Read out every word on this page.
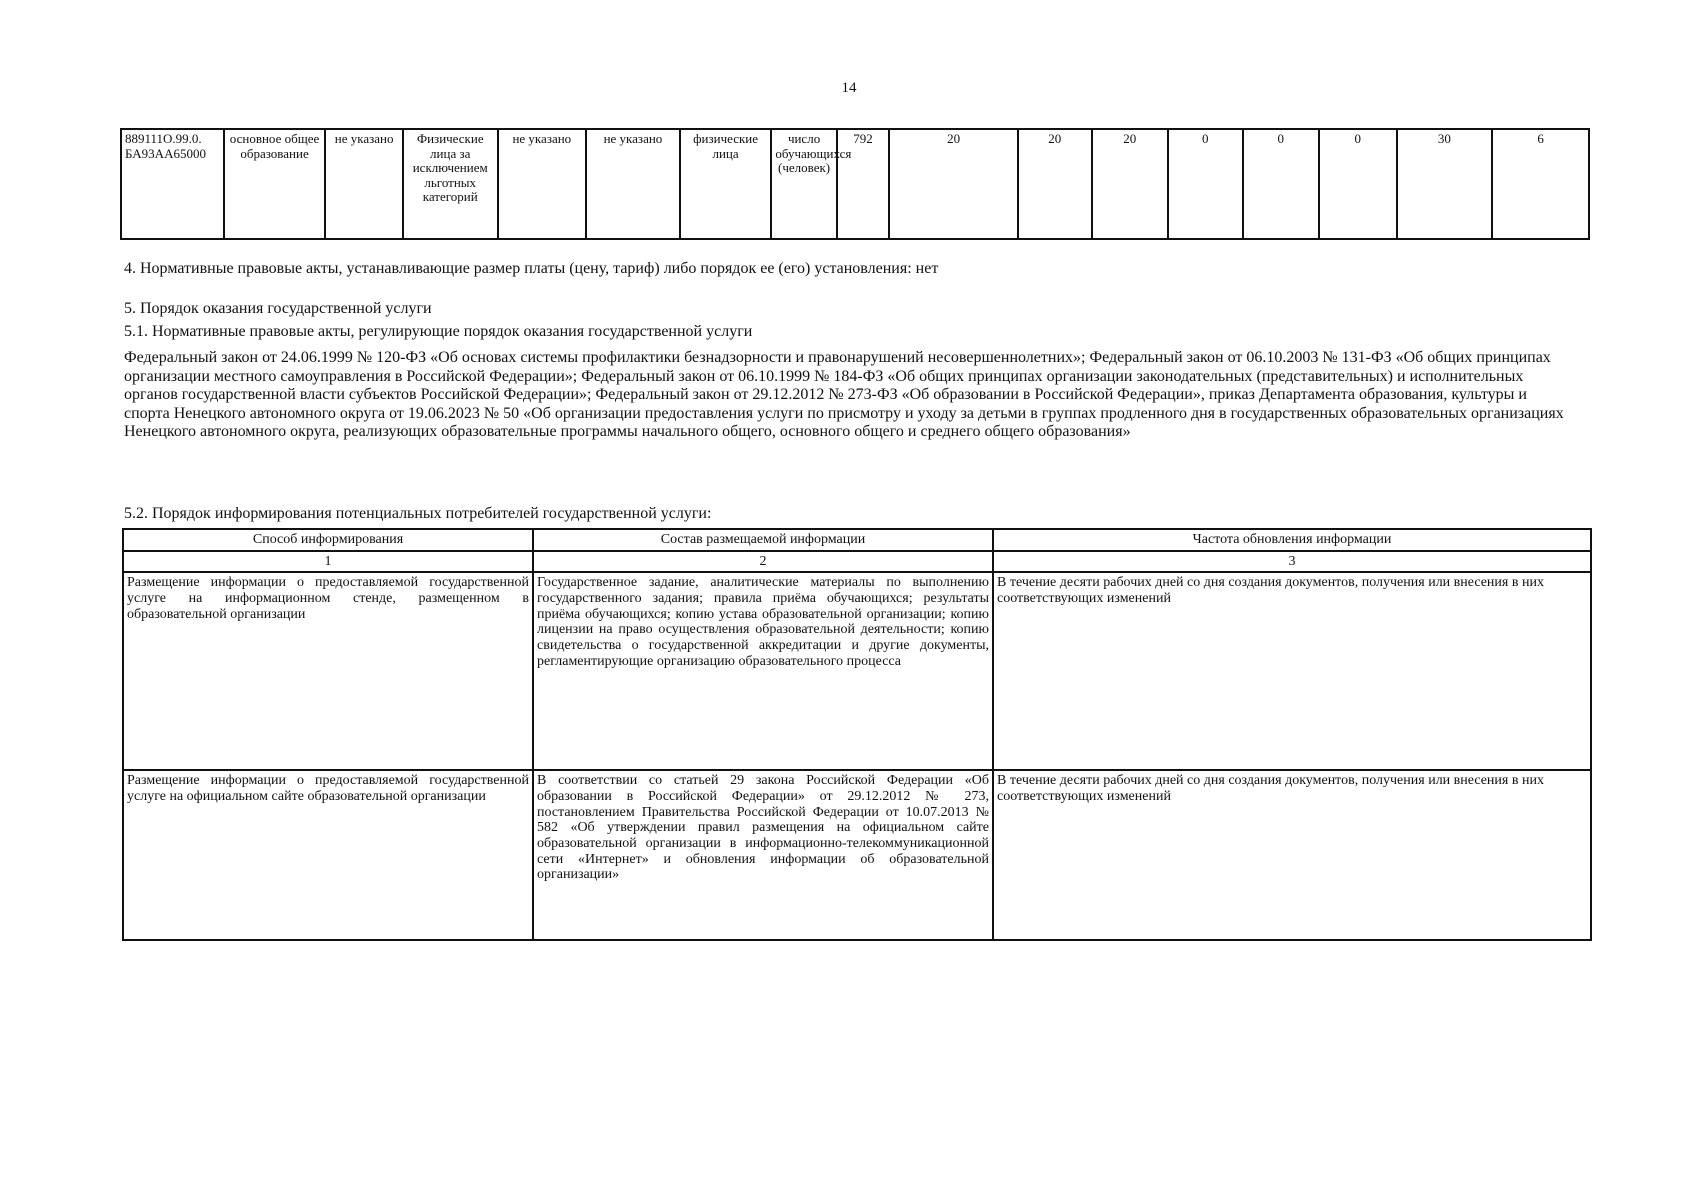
14
889111О.99.0.
БА93АА65000	основное общее образование	не указано	Физические лица за исключением льготных категорий	не указано	не указано	физические лица	число обучающихся (человек)	792	20	20	20	0	0	0	30	6
4. Нормативные правовые акты, устанавливающие размер платы (цену, тариф) либо порядок ее (его) установления: нет
5. Порядок оказания государственной услуги
5.1. Нормативные правовые акты, регулирующие порядок оказания государственной услуги

Федеральный закон от 24.06.1999 № 120-ФЗ «Об основах системы профилактики безнадзорности и правонарушений несовершеннолетних»; Федеральный закон от 06.10.2003 № 131-ФЗ «Об общих принципах организации местного самоуправления в Российской Федерации»; Федеральный закон от 06.10.1999 № 184-ФЗ «Об общих принципах организации законодательных (представительных) и исполнительных органов государственной власти субъектов Российской Федерации»; Федеральный закон от 29.12.2012 № 273-ФЗ «Об образовании в Российской Федерации», приказ Департамента образования, культуры и спорта Ненецкого автономного округа от 19.06.2023 № 50 «Об организации предоставления услуги по присмотру и уходу за детьми в группах продленного дня в государственных образовательных организациях Ненецкого автономного округа, реализующих образовательные программы начального общего, основного общего и среднего общего образования»

5.2. Порядок информирования потенциальных потребителей государственной услуги:
Способ информирования	Состав размещаемой информации	Частота обновления информации
1	2	3
Размещение информации о предоставляемой государственной услуге на информационном стенде, размещенном в образовательной организации	Государственное задание, аналитические материалы по выполнению государственного задания; правила приёма обучающихся; результаты приёма обучающихся; копию устава образовательной организации; копию лицензии на право осуществления образовательной деятельности; копию свидетельства о государственной аккредитации и другие документы, регламентирующие организацию образовательного процесса	В течение десяти рабочих дней со дня создания документов, получения или внесения в них соответствующих изменений
Размещение информации о предоставляемой государственной услуге на официальном сайте образовательной организации	В соответствии со статьей 29 закона Российской Федерации «Об образовании в Российской Федерации» от 29.12.2012 № 273, постановлением Правительства Российской Федерации от 10.07.2013 № 582 «Об утверждении правил размещения на официальном сайте образовательной организации в информационно-телекоммуникационной сети «Интернет» и обновления информации об образовательной организации»	В течение десяти рабочих дней со дня создания документов, получения или внесения в них соответствующих изменений
